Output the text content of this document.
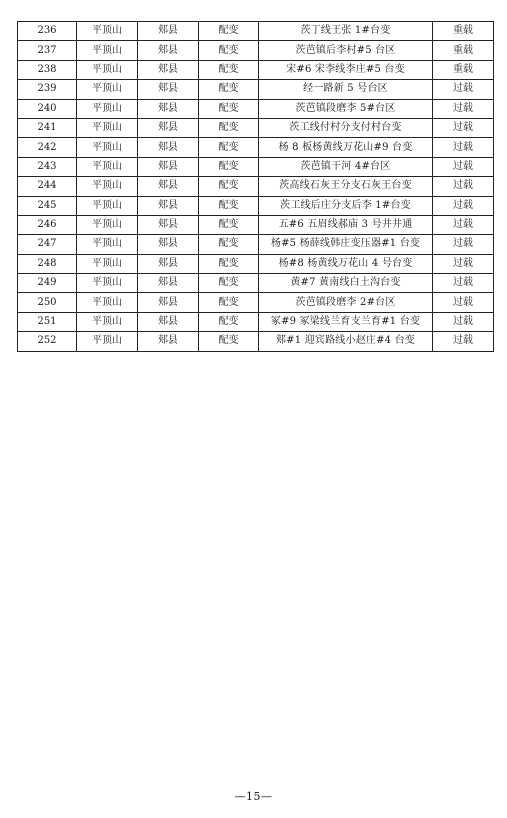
236	平顶山	郏县	配变	茨丁线王张 1#台变	重载
237	平顶山	郏县	配变	茨芭镇后李村#5 台区	重载
238	平顶山	郏县	配变	宋#6 宋李线李庄#5 台变	重载
239	平顶山	郏县	配变	经一路新 5 号台区	过载
240	平顶山	郏县	配变	茨芭镇段磨李 5#台区	过载
241	平顶山	郏县	配变	茨工线付村分支付村台变	过载
242	平顶山	郏县	配变	杨 8 板杨黄线万花山#9 台变	过载
243	平顶山	郏县	配变	茨芭镇干河 4#台区	过载
244	平顶山	郏县	配变	茨高线石灰王分支石灰王台变	过载
245	平顶山	郏县	配变	茨工线后庄分支后李 1#台变	过载
246	平顶山	郏县	配变	五#6 五眉线郝庙 3 号井井通	过载
247	平顶山	郏县	配变	杨#5 杨薛线韩庄变压器#1 台变	过载
248	平顶山	郏县	配变	杨#8 杨黄线万花山 4 号台变	过载
249	平顶山	郏县	配变	黄#7 黄南线白土沟台变	过载
250	平顶山	郏县	配变	茨芭镇段磨李 2#台区	过载
251	平顶山	郏县	配变	冢#9 冢梁线兰育支兰育#1 台变	过载
252	平顶山	郏县	配变	郏#1 迎宾路线小赵庄#4 台变	过载
—15—
